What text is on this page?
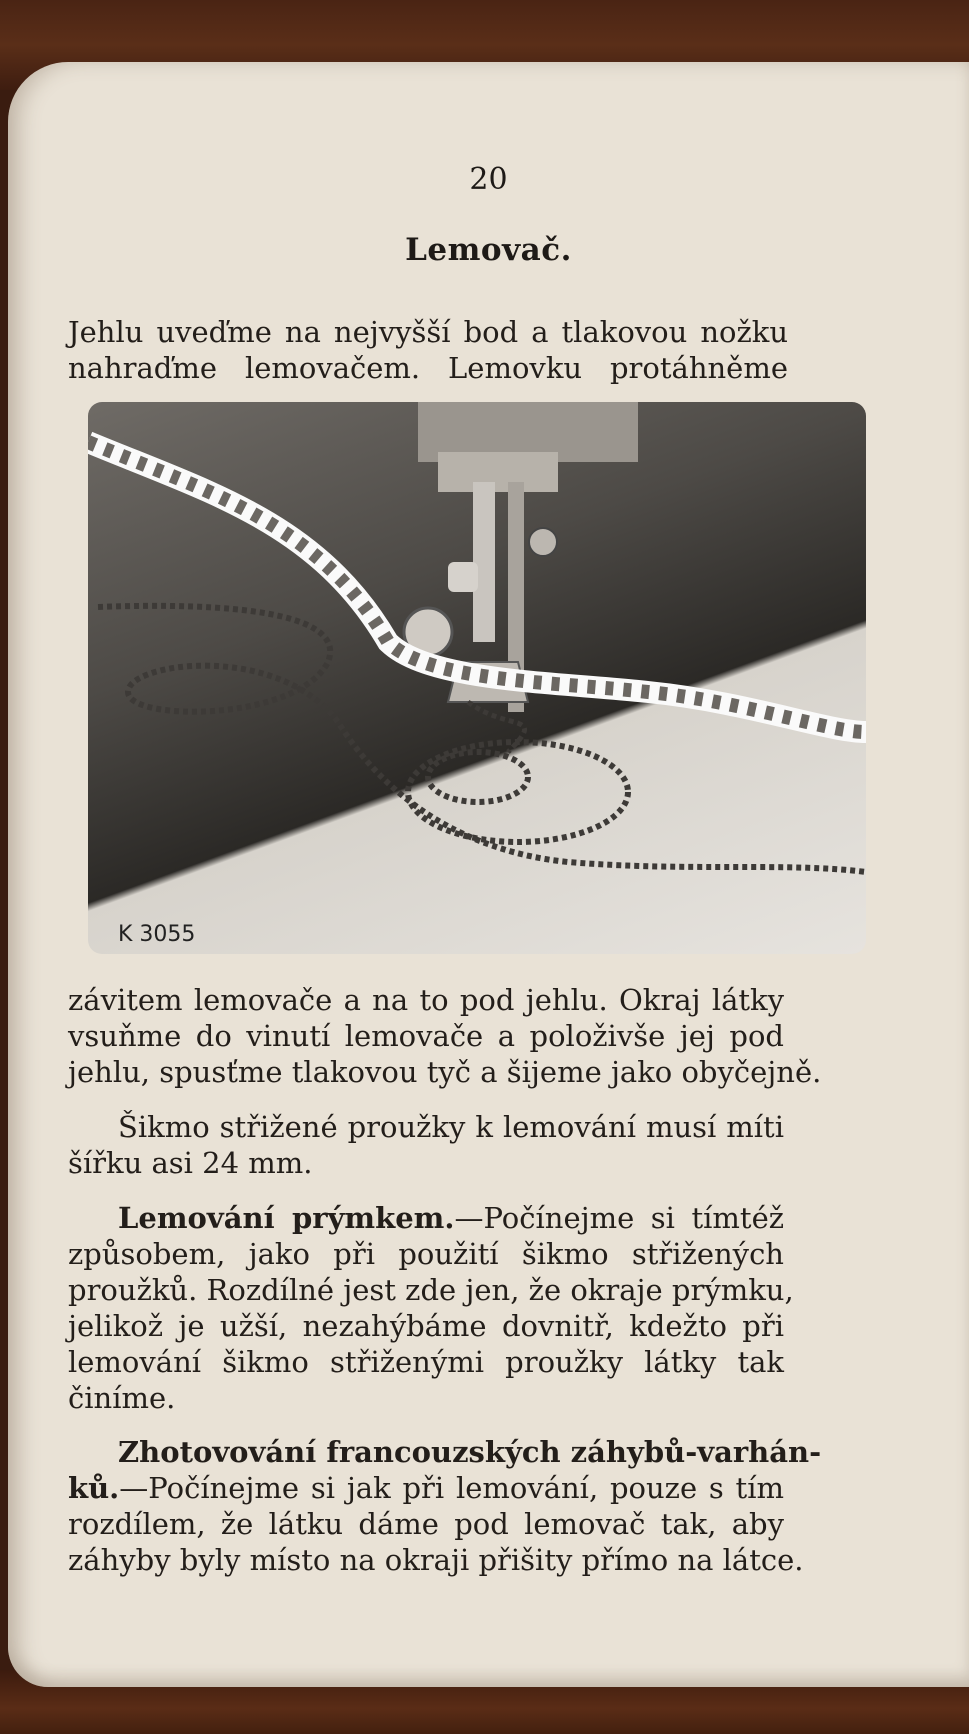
20
Lemovač.
Jehlu uveďme na nejvyšší bod a tlakovou nožku
nahraďme lemovačem. Lemovku protáhněme
K 3055
závitem lemovače a na to pod jehlu. Okraj látky
vsuňme do vinutí lemovače a položivše jej pod
jehlu, spusťme tlakovou tyč a šijeme jako obyčejně.
Šikmo střižené proužky k lemování musí míti
šířku asi 24 mm.
Lemování prýmkem.—Počínejme si tímtéž
způsobem, jako při použití šikmo střižených
proužků. Rozdílné jest zde jen, že okraje prýmku,
jelikož je užší, nezahýbáme dovnitř, kdežto při
lemování šikmo střiženými proužky látky tak
činíme.
Zhotovování francouzských záhybů-varhán-
ků.—Počínejme si jak při lemování, pouze s tím
rozdílem, že látku dáme pod lemovač tak, aby
záhyby byly místo na okraji přišity přímo na látce.
